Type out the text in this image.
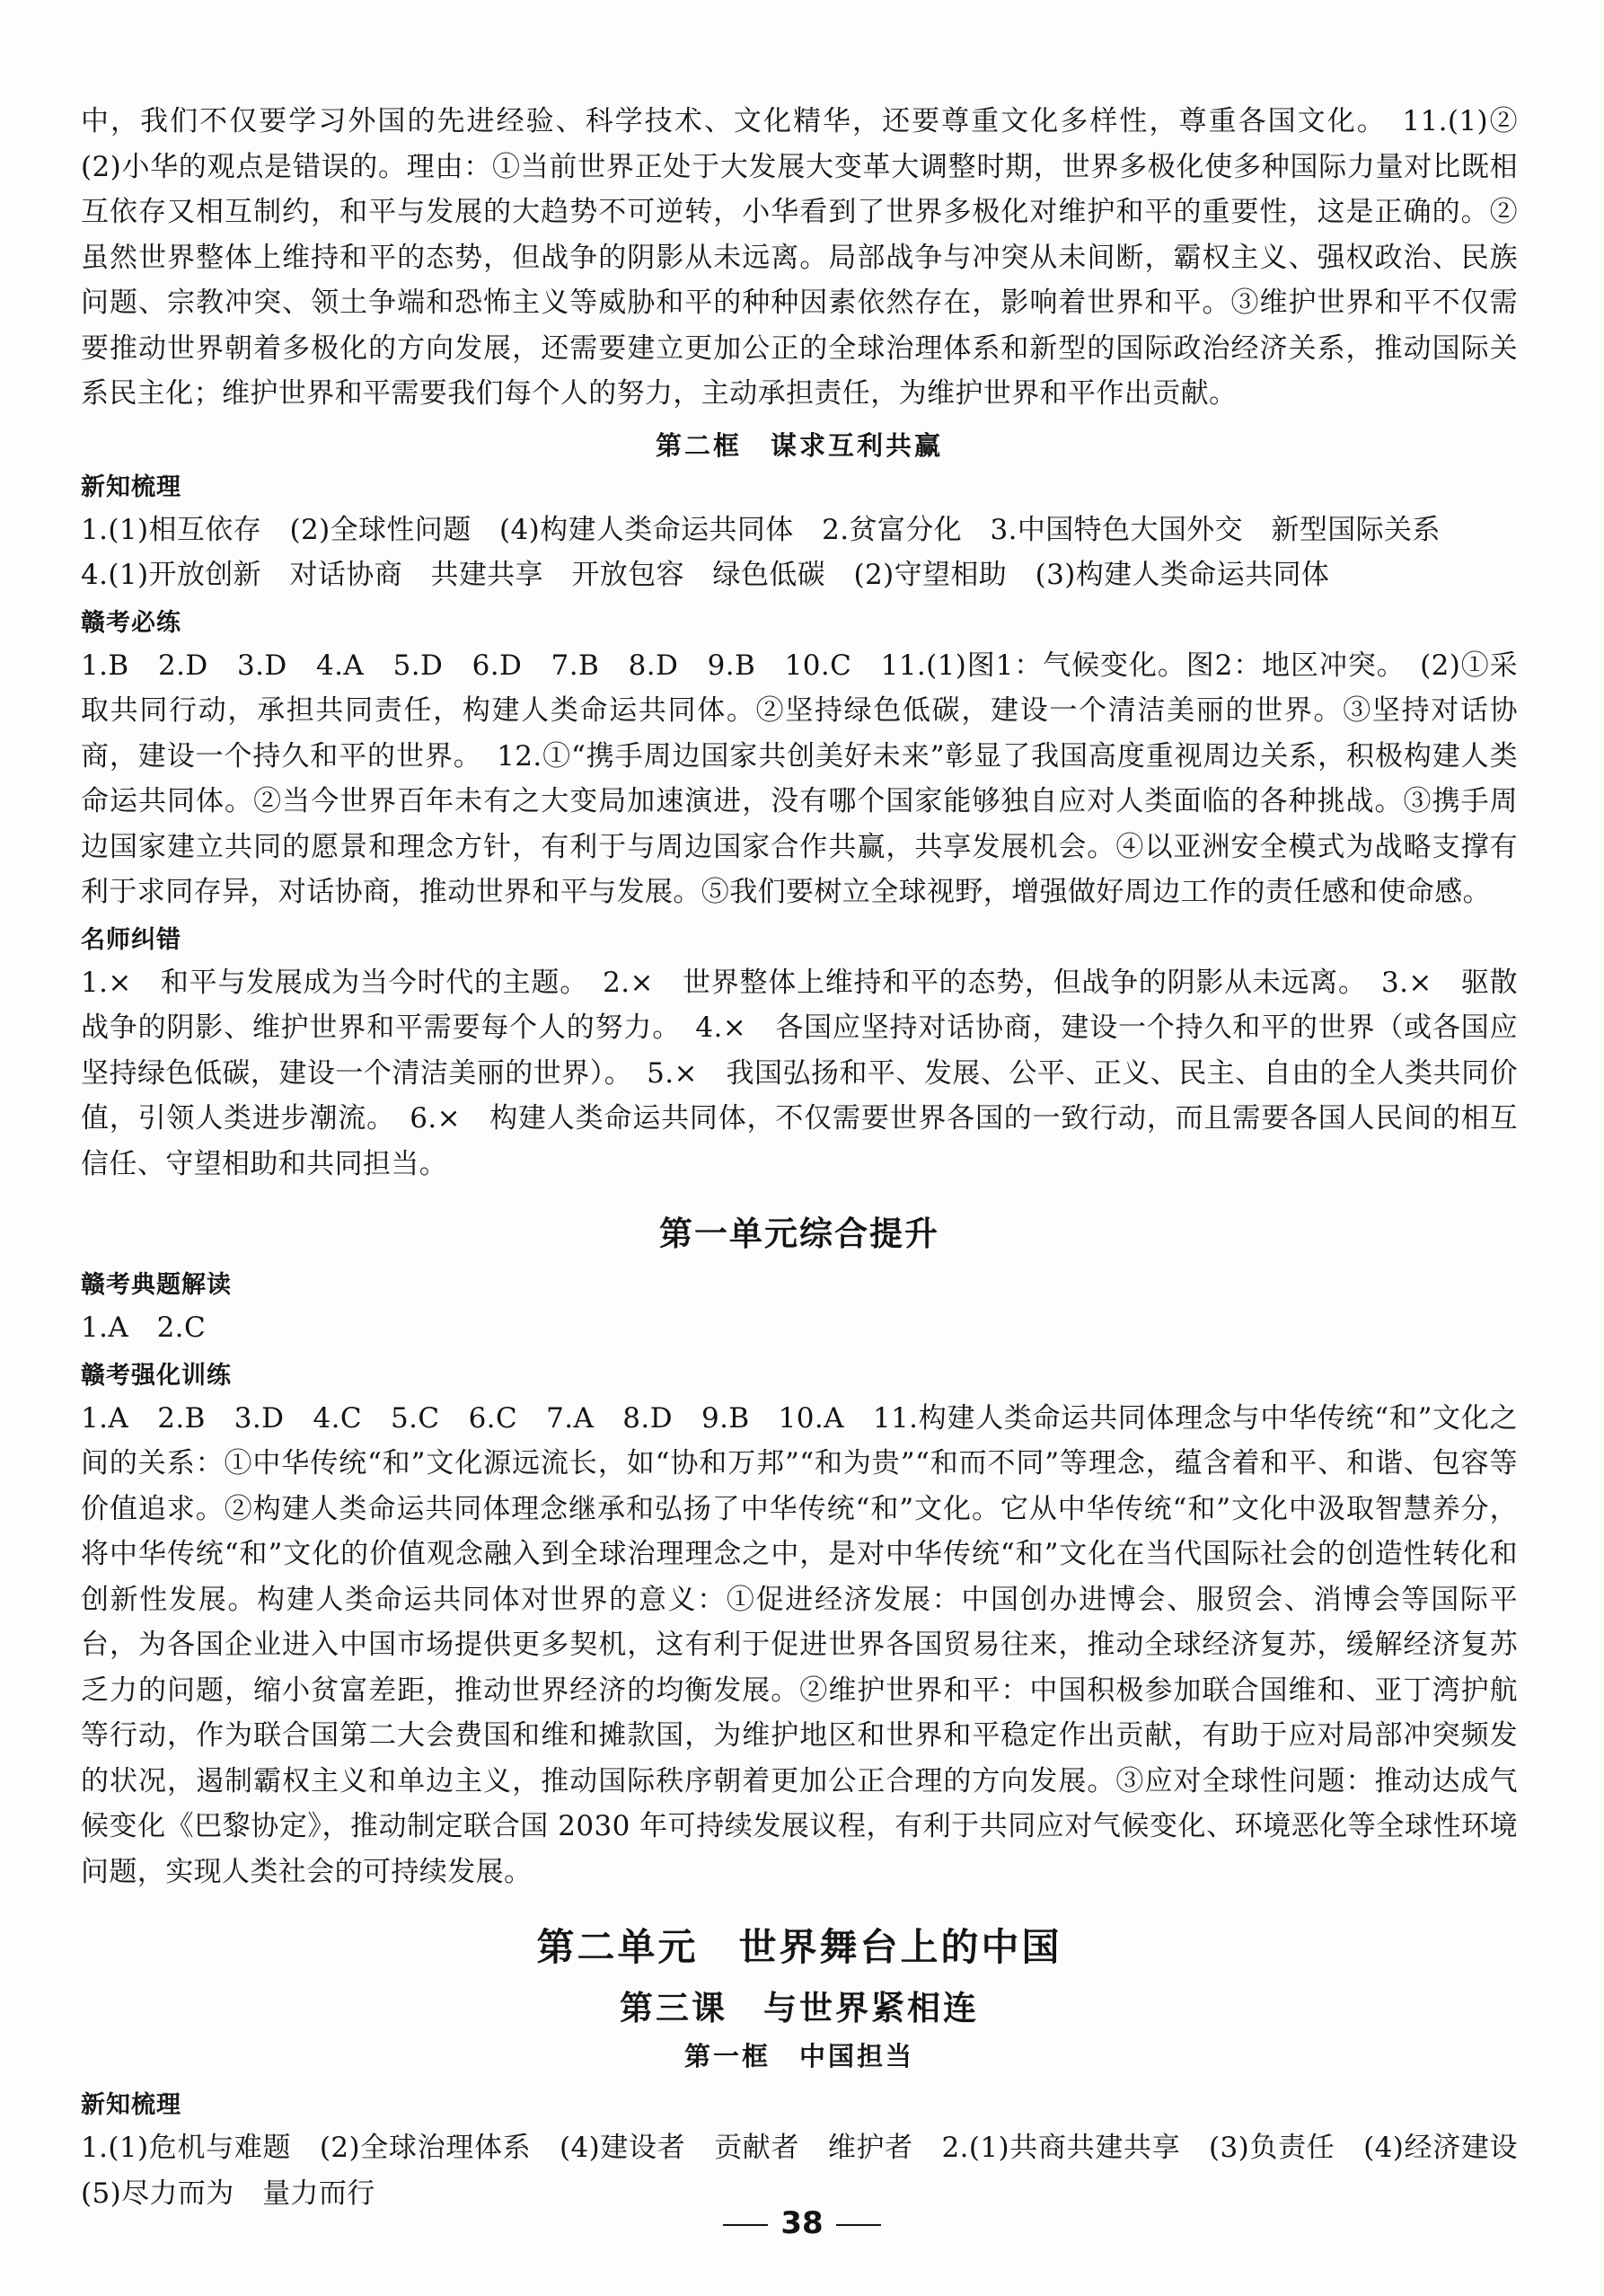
中，我们不仅要学习外国的先进经验、科学技术、文化精华，还要尊重文化多样性，尊重各国文化。　11.(1)②　(2)小华的观点是错误的。理由：①当前世界正处于大发展大变革大调整时期，世界多极化使多种国际力量对比既相互依存又相互制约，和平与发展的大趋势不可逆转，小华看到了世界多极化对维护和平的重要性，这是正确的。②虽然世界整体上维持和平的态势，但战争的阴影从未远离。局部战争与冲突从未间断，霸权主义、强权政治、民族问题、宗教冲突、领土争端和恐怖主义等威胁和平的种种因素依然存在，影响着世界和平。③维护世界和平不仅需要推动世界朝着多极化的方向发展，还需要建立更加公正的全球治理体系和新型的国际政治经济关系，推动国际关系民主化；维护世界和平需要我们每个人的努力，主动承担责任，为维护世界和平作出贡献。

第二框　谋求互利共赢
新知梳理

1.(1)相互依存　(2)全球性问题　(4)构建人类命运共同体　2.贫富分化　3.中国特色大国外交　新型国际关系

4.(1)开放创新　对话协商　共建共享　开放包容　绿色低碳　(2)守望相助　(3)构建人类命运共同体

赣考必练

1.B　2.D　3.D　4.A　5.D　6.D　7.B　8.D　9.B　10.C　11.(1)图1：气候变化。图2：地区冲突。　(2)①采取共同行动，承担共同责任，构建人类命运共同体。②坚持绿色低碳，建设一个清洁美丽的世界。③坚持对话协商，建设一个持久和平的世界。　12.①“携手周边国家共创美好未来”彰显了我国高度重视周边关系，积极构建人类命运共同体。②当今世界百年未有之大变局加速演进，没有哪个国家能够独自应对人类面临的各种挑战。③携手周边国家建立共同的愿景和理念方针，有利于与周边国家合作共赢，共享发展机会。④以亚洲安全模式为战略支撑有利于求同存异，对话协商，推动世界和平与发展。⑤我们要树立全球视野，增强做好周边工作的责任感和使命感。

名师纠错

1.×　和平与发展成为当今时代的主题。　2.×　世界整体上维持和平的态势，但战争的阴影从未远离。　3.×　驱散战争的阴影、维护世界和平需要每个人的努力。　4.×　各国应坚持对话协商，建设一个持久和平的世界（或各国应坚持绿色低碳，建设一个清洁美丽的世界）。　5.×　我国弘扬和平、发展、公平、正义、民主、自由的全人类共同价值，引领人类进步潮流。　6.×　构建人类命运共同体，不仅需要世界各国的一致行动，而且需要各国人民间的相互信任、守望相助和共同担当。

第一单元综合提升
赣考典题解读

1.A　2.C

赣考强化训练

1.A　2.B　3.D　4.C　5.C　6.C　7.A　8.D　9.B　10.A　11.构建人类命运共同体理念与中华传统“和”文化之间的关系：①中华传统“和”文化源远流长，如“协和万邦”“和为贵”“和而不同”等理念，蕴含着和平、和谐、包容等价值追求。②构建人类命运共同体理念继承和弘扬了中华传统“和”文化。它从中华传统“和”文化中汲取智慧养分，将中华传统“和”文化的价值观念融入到全球治理理念之中，是对中华传统“和”文化在当代国际社会的创造性转化和创新性发展。构建人类命运共同体对世界的意义：①促进经济发展：中国创办进博会、服贸会、消博会等国际平台，为各国企业进入中国市场提供更多契机，这有利于促进世界各国贸易往来，推动全球经济复苏，缓解经济复苏乏力的问题，缩小贫富差距，推动世界经济的均衡发展。②维护世界和平：中国积极参加联合国维和、亚丁湾护航等行动，作为联合国第二大会费国和维和摊款国，为维护地区和世界和平稳定作出贡献，有助于应对局部冲突频发的状况，遏制霸权主义和单边主义，推动国际秩序朝着更加公正合理的方向发展。③应对全球性问题：推动达成气候变化《巴黎协定》，推动制定联合国 2030 年可持续发展议程，有利于共同应对气候变化、环境恶化等全球性环境问题，实现人类社会的可持续发展。

第二单元　世界舞台上的中国
第三课　与世界紧相连
第一框　中国担当
新知梳理

1.(1)危机与难题　(2)全球治理体系　(4)建设者　贡献者　维护者　2.(1)共商共建共享　(3)负责任　(4)经济建设　(5)尽力而为　量力而行

38
